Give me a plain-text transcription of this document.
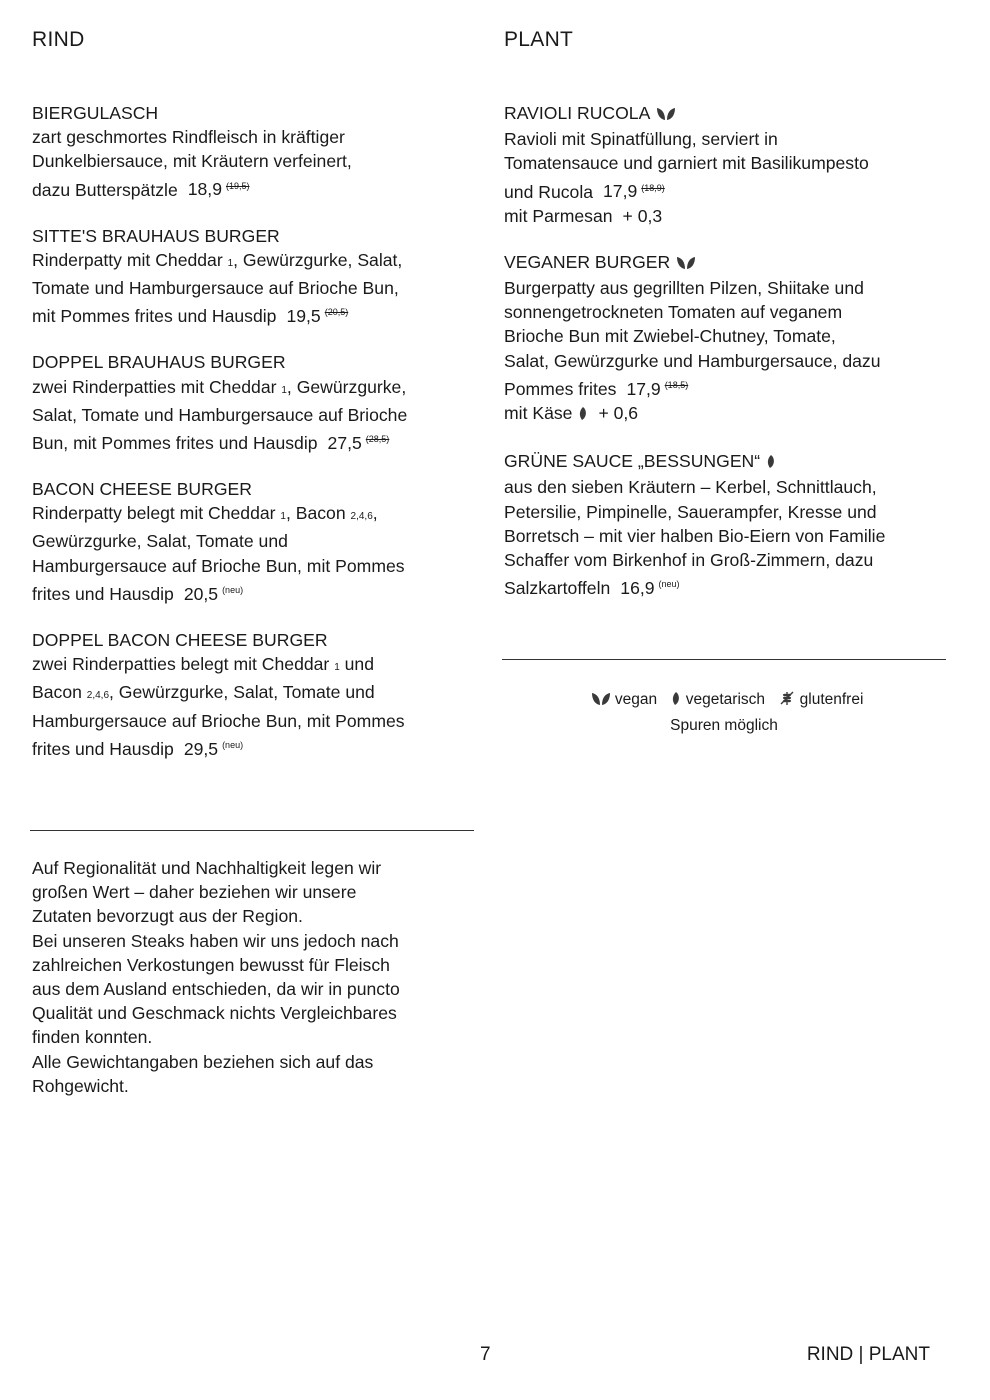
RIND
BIERGULASCH
zart geschmortes Rindfleisch in kräftiger
Dunkelbiersauce, mit Kräutern verfeinert,
dazu Butterspätzle 18,9 $^{(19,5)}$
SITTE'S BRAUHAUS BURGER
Rinderpatty mit Cheddar 1, Gewürzgurke, Salat,
Tomate und Hamburgersauce auf Brioche Bun,
mit Pommes frites und Hausdip 19,5 $^{(20,5)}$
DOPPEL BRAUHAUS BURGER
zwei Rinderpatties mit Cheddar 1, Gewürzgurke,
Salat, Tomate und Hamburgersauce auf Brioche
Bun, mit Pommes frites und Hausdip 27,5 $^{(28,5)}$
BACON CHEESE BURGER
Rinderpatty belegt mit Cheddar 1, Bacon 2,4,6,
Gewürzgurke, Salat, Tomate und
Hamburgersauce auf Brioche Bun, mit Pommes
frites und Hausdip 20,5 $^{(neu)}$
DOPPEL BACON CHEESE BURGER
zwei Rinderpatties belegt mit Cheddar 1 und
Bacon 2,4,6, Gewürzgurke, Salat, Tomate und
Hamburgersauce auf Brioche Bun, mit Pommes
frites und Hausdip 29,5 $^{(neu)}$
PLANT
RAVIOLI RUCOLA
Ravioli mit Spinatfüllung, serviert in
Tomatensauce und garniert mit Basilikumpesto
und Rucola 17,9 $^{(18,9)}$
mit Parmesan + 0,3
VEGANER BURGER
Burgerpatty aus gegrillten Pilzen, Shiitake und
sonnengetrockneten Tomaten auf veganem
Brioche Bun mit Zwiebel-Chutney, Tomate,
Salat, Gewürzgurke und Hamburgersauce, dazu
Pommes frites 17,9 $^{(18,5)}$
mit Käse + 0,6
GRÜNE SAUCE „BESSUNGEN“
aus den sieben Kräutern – Kerbel, Schnittlauch,
Petersilie, Pimpinelle, Sauerampfer, Kresse und
Borretsch – mit vier halben Bio-Eiern von Familie
Schaffer vom Birkenhof in Groß-Zimmern, dazu
Salzkartoffeln 16,9 $^{(neu)}$
vegan vegetarisch glutenfrei
Spuren möglich
Auf Regionalität und Nachhaltigkeit legen wir
großen Wert – daher beziehen wir unsere
Zutaten bevorzugt aus der Region.
Bei unseren Steaks haben wir uns jedoch nach
zahlreichen Verkostungen bewusst für Fleisch
aus dem Ausland entschieden, da wir in puncto
Qualität und Geschmack nichts Vergleichbares
finden konnten.
Alle Gewichtangaben beziehen sich auf das
Rohgewicht.
7	RIND | PLANT
